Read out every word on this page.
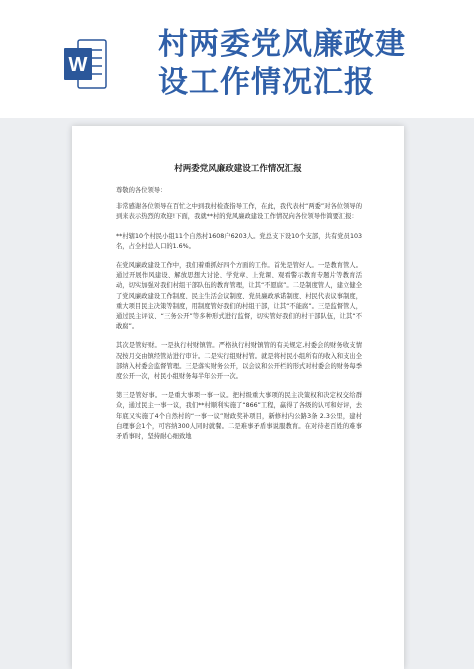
W
村两委党风廉政建
设工作情况汇报
村两委党风廉政建设工作情况汇报

尊敬的各位领导：

非常感谢各位领导在百忙之中到我村检查指导工作，在此，我代表村“两委”对各位领导的到来表示热烈的欢迎!下面，我就**村的党风廉政建设工作情况向各位领导作简要汇报：

**村辖10个村民小组11个自然村1608户6203人。党总支下设10个支部，共有党员103名，占全村总人口的1.6%。

在党风廉政建设工作中，我们着重抓好四个方面的工作。首先是管好人。一是教育管人。通过开展作风建设、解放思想大讨论、学党章、上党课、观看警示教育专题片等教育活动，切实加强对我们村组干部队伍的教育管理，让其“不愿腐”。二是制度管人，建立健全了党风廉政建设工作制度、民主生活会议制度、党员廉政承诺制度、村民代表议事制度，重大项目民主决策等制度，用制度管好我们的村组干部，让其“不能腐”。三是监督管人，通过民主评议、“三务公开”等多种形式进行监督，切实管好我们的村干部队伍，让其“不敢腐”。

其次是管好财。一是执行村财镇管。严格执行村财镇管的有关规定,村委会的财务收支情况按月交由镇经管站进行审计。二是实行组财村管。就是将村民小组所有的收入和支出全部纳入村委会监督管理。三是落实财务公开，以会议和公开栏的形式对村委会的财务每季度公开一次，村民小组财务每半年公开一次。

第三是管好事。一是重大事项一事一议。把村级重大事项的民主决策权和决定权交给群众，通过民主一事一议，我们**村顺利实施了“866”工程，赢得了各级的认可和好评，去年底又实施了4个自然村的“一事一议”财政奖补项目，新修村内公路3条 2.3公里，建村白理事会1个，可容纳300人同时就餐。二是难事矛盾事说服教育。在对待老百姓的难事矛盾事时，坚持耐心细致地
